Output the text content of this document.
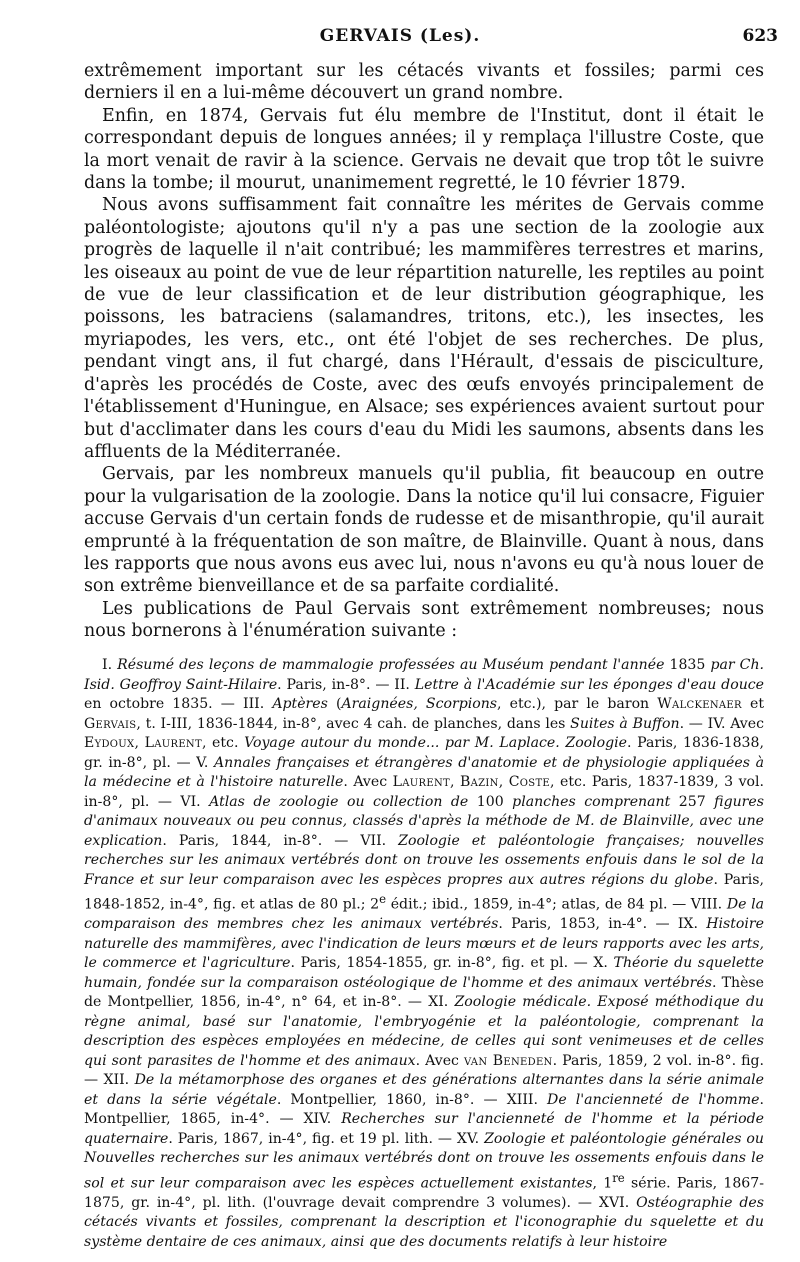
GERVAIS (Les).	623

extrêmement important sur les cétacés vivants et fossiles; parmi ces derniers il en a lui-même découvert un grand nombre.

Enfin, en 1874, Gervais fut élu membre de l'Institut, dont il était le correspondant depuis de longues années; il y remplaça l'illustre Coste, que la mort venait de ravir à la science. Gervais ne devait que trop tôt le suivre dans la tombe; il mourut, unanimement regretté, le 10 février 1879.

Nous avons suffisamment fait connaître les mérites de Gervais comme paléontologiste; ajoutons qu'il n'y a pas une section de la zoologie aux progrès de laquelle il n'ait contribué; les mammifères terrestres et marins, les oiseaux au point de vue de leur répartition naturelle, les reptiles au point de vue de leur classification et de leur distribution géographique, les poissons, les batraciens (salamandres, tritons, etc.), les insectes, les myriapodes, les vers, etc., ont été l'objet de ses recherches. De plus, pendant vingt ans, il fut chargé, dans l'Hérault, d'essais de pisciculture, d'après les procédés de Coste, avec des œufs envoyés principalement de l'établissement d'Huningue, en Alsace; ses expériences avaient surtout pour but d'acclimater dans les cours d'eau du Midi les saumons, absents dans les affluents de la Méditerranée.

Gervais, par les nombreux manuels qu'il publia, fit beaucoup en outre pour la vulgarisation de la zoologie. Dans la notice qu'il lui consacre, Figuier accuse Gervais d'un certain fonds de rudesse et de misanthropie, qu'il aurait emprunté à la fréquentation de son maître, de Blainville. Quant à nous, dans les rapports que nous avons eus avec lui, nous n'avons eu qu'à nous louer de son extrême bienveillance et de sa parfaite cordialité.

Les publications de Paul Gervais sont extrêmement nombreuses; nous nous bornerons à l'énumération suivante :

I. Résumé des leçons de mammalogie professées au Muséum pendant l'année 1835 par Ch. Isid. Geoffroy Saint-Hilaire. Paris, in-8°. — II. Lettre à l'Académie sur les éponges d'eau douce en octobre 1835. — III. Aptères (Araignées, Scorpions, etc.), par le baron Walckenaer et Gervais, t. I-III, 1836-1844, in-8°, avec 4 cah. de planches, dans les Suites à Buffon. — IV. Avec Eydoux, Laurent, etc. Voyage autour du monde... par M. Laplace. Zoologie. Paris, 1836-1838, gr. in-8°, pl. — V. Annales françaises et étrangères d'anatomie et de physiologie appliquées à la médecine et à l'histoire naturelle. Avec Laurent, Bazin, Coste, etc. Paris, 1837-1839, 3 vol. in-8°, pl. — VI. Atlas de zoologie ou collection de 100 planches comprenant 257 figures d'animaux nouveaux ou peu connus, classés d'après la méthode de M. de Blainville, avec une explication. Paris, 1844, in-8°. — VII. Zoologie et paléontologie françaises; nouvelles recherches sur les animaux vertébrés dont on trouve les ossements enfouis dans le sol de la France et sur leur comparaison avec les espèces propres aux autres régions du globe. Paris, 1848-1852, in-4°, fig. et atlas de 80 pl.; 2e édit.; ibid., 1859, in-4°; atlas, de 84 pl. — VIII. De la comparaison des membres chez les animaux vertébrés. Paris, 1853, in-4°. — IX. Histoire naturelle des mammifères, avec l'indication de leurs mœurs et de leurs rapports avec les arts, le commerce et l'agriculture. Paris, 1854-1855, gr. in-8°, fig. et pl. — X. Théorie du squelette humain, fondée sur la comparaison ostéologique de l'homme et des animaux vertébrés. Thèse de Montpellier, 1856, in-4°, n° 64, et in-8°. — XI. Zoologie médicale. Exposé méthodique du règne animal, basé sur l'anatomie, l'embryogénie et la paléontologie, comprenant la description des espèces employées en médecine, de celles qui sont venimeuses et de celles qui sont parasites de l'homme et des animaux. Avec van Beneden. Paris, 1859, 2 vol. in-8°. fig. — XII. De la métamorphose des organes et des générations alternantes dans la série animale et dans la série végétale. Montpellier, 1860, in-8°. — XIII. De l'ancienneté de l'homme. Montpellier, 1865, in-4°. — XIV. Recherches sur l'ancienneté de l'homme et la période quaternaire. Paris, 1867, in-4°, fig. et 19 pl. lith. — XV. Zoologie et paléontologie générales ou Nouvelles recherches sur les animaux vertébrés dont on trouve les ossements enfouis dans le sol et sur leur comparaison avec les espèces actuellement existantes, 1re série. Paris, 1867-1875, gr. in-4°, pl. lith. (l'ouvrage devait comprendre 3 volumes). — XVI. Ostéographie des cétacés vivants et fossiles, comprenant la description et l'iconographie du squelette et du système dentaire de ces animaux, ainsi que des documents relatifs à leur histoire
